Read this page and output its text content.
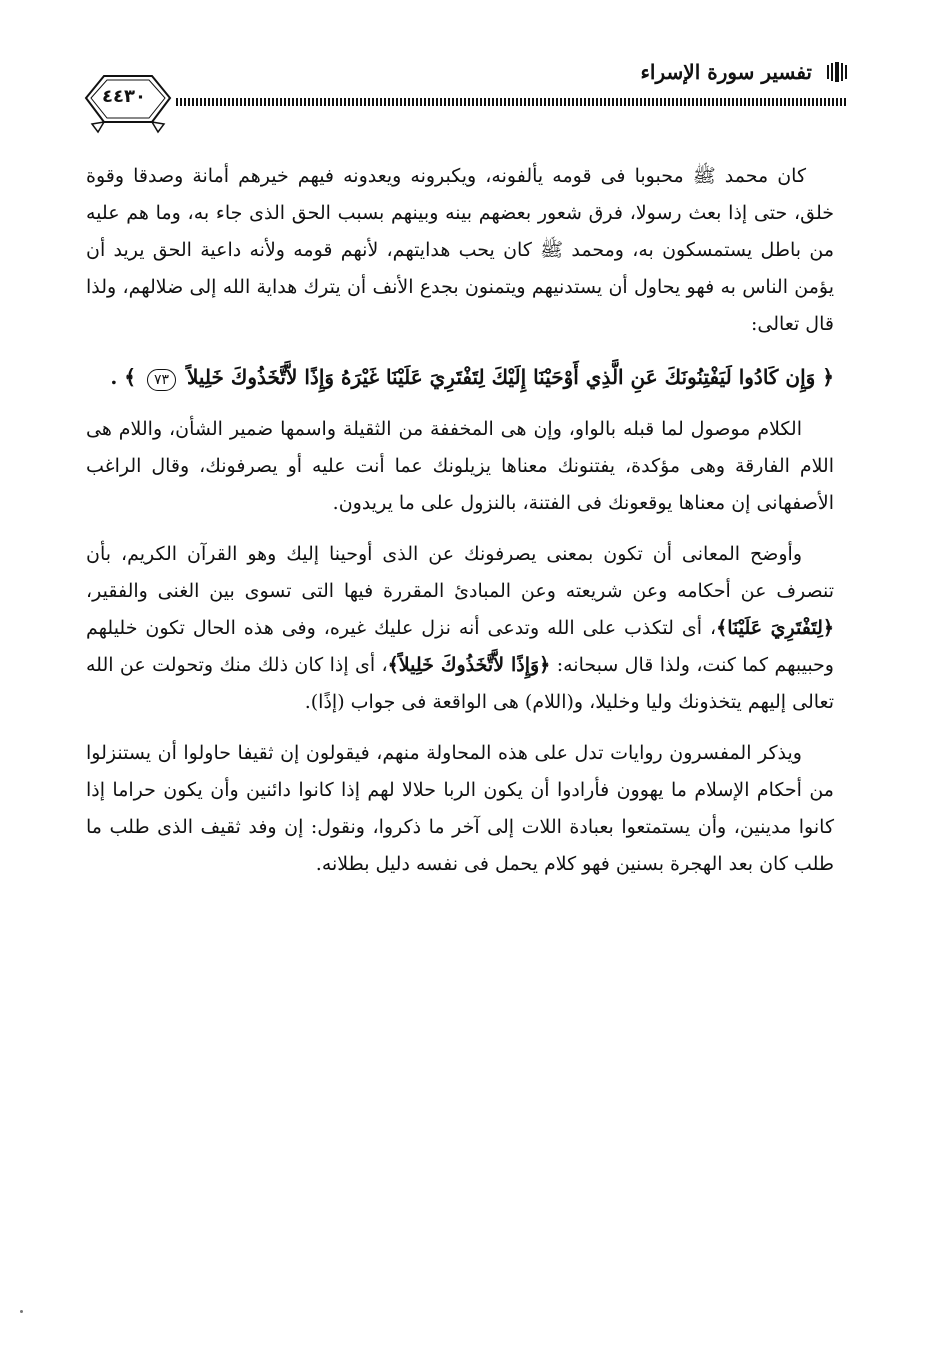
تفسير سورة الإسراء
٤٤٣٠

كان محمد ﷺ محبوبا فى قومه يألفونه، ويكبرونه ويعدونه فيهم خيرهم أمانة وصدقا وقوة خلق، حتى إذا بعث رسولا، فرق شعور بعضهم بينه وبينهم بسبب الحق الذى جاء به، وما هم عليه من باطل يستمسكون به، ومحمد ﷺ كان يحب هدايتهم، لأنهم قومه ولأنه داعية الحق يريد أن يؤمن الناس به فهو يحاول أن يستدنيهم ويتمنون بجدع الأنف أن يترك هداية الله إلى ضلالهم، ولذا قال تعالى:

﴿ وَإِن كَادُوا لَيَفْتِنُونَكَ عَنِ الَّذِي أَوْحَيْنَا إِلَيْكَ لِتَفْتَرِيَ عَلَيْنَا غَيْرَهُ وَإِذًا لاَّتَّخَذُوكَ خَلِيلاً ٧٣ ﴾ .

الكلام موصول لما قبله بالواو، وإن هى المخففة من الثقيلة واسمها ضمير الشأن، واللام هى اللام الفارقة وهى مؤكدة، يفتنونك معناها يزيلونك عما أنت عليه أو يصرفونك، وقال الراغب الأصفهانى إن معناها يوقعونك فى الفتنة، بالنزول على ما يريدون.

وأوضح المعانى أن تكون بمعنى يصرفونك عن الذى أوحينا إليك وهو القرآن الكريم، بأن تنصرف عن أحكامه وعن شريعته وعن المبادئ المقررة فيها التى تسوى بين الغنى والفقير، ﴿لِتَفْتَرِيَ عَلَيْنَا﴾، أى لتكذب على الله وتدعى أنه نزل عليك غيره، وفى هذه الحال تكون خليلهم وحبيبهم كما كنت، ولذا قال سبحانه: ﴿وَإِذًا لاَّتَّخَذُوكَ خَلِيلاً﴾، أى إذا كان ذلك منك وتحولت عن الله تعالى إليهم يتخذونك وليا وخليلا، و(اللام) هى الواقعة فى جواب (إذًا).

ويذكر المفسرون روايات تدل على هذه المحاولة منهم، فيقولون إن ثقيفا حاولوا أن يستنزلوا من أحكام الإسلام ما يهوون فأرادوا أن يكون الربا حلالا لهم إذا كانوا دائنين وأن يكون حراما إذا كانوا مدينين، وأن يستمتعوا بعبادة اللات إلى آخر ما ذكروا، ونقول: إن وفد ثقيف الذى طلب ما طلب كان بعد الهجرة بسنين فهو كلام يحمل فى نفسه دليل بطلانه.
